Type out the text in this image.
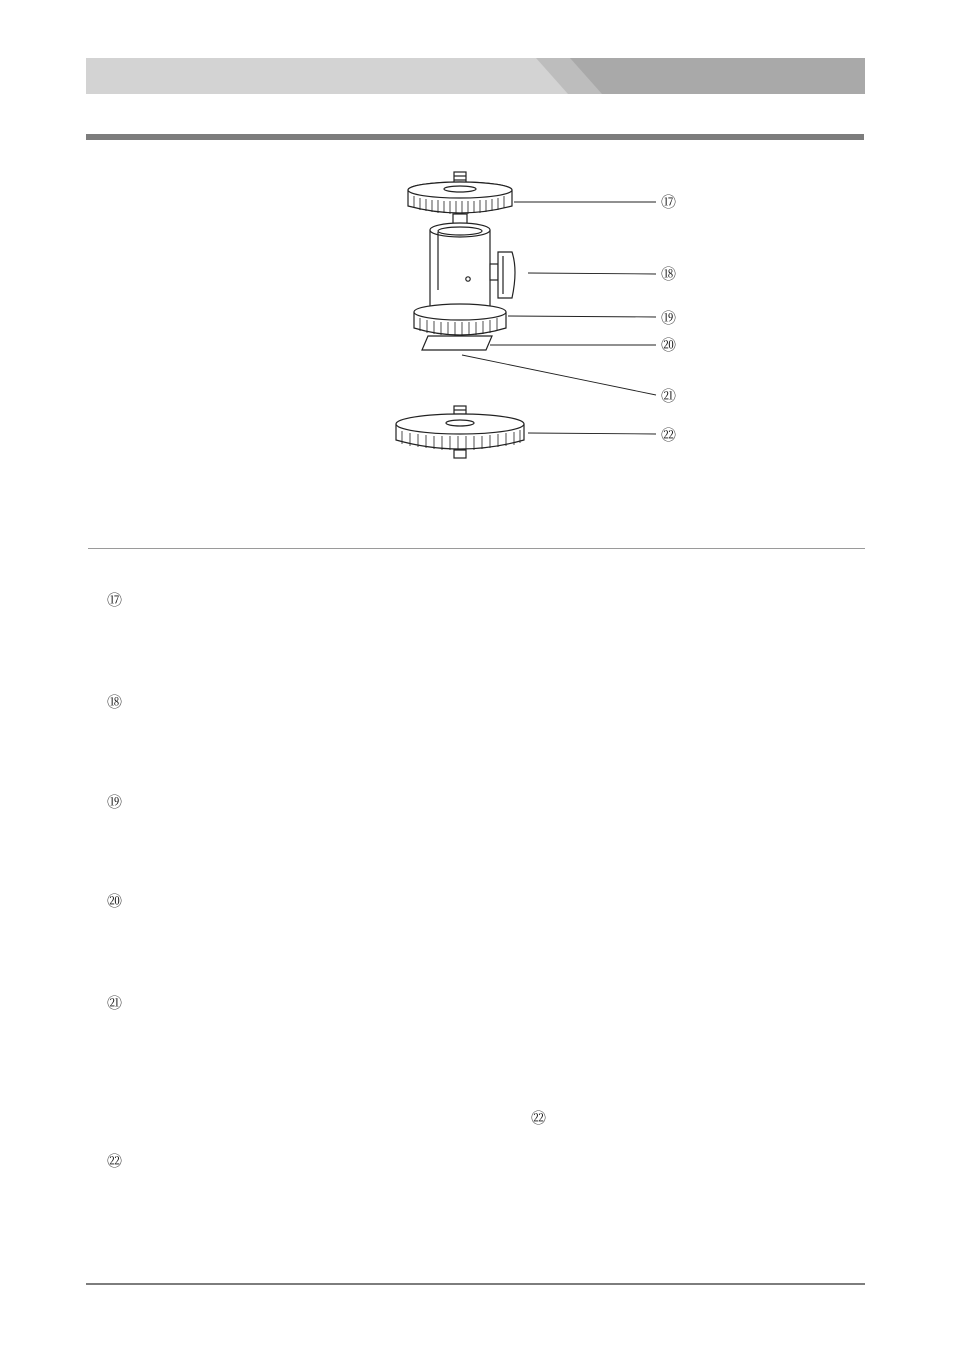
⑰
⑱
⑲
⑳
㉑
㉒
⑰
⑱
⑲
⑳
㉑
㉒
㉒
